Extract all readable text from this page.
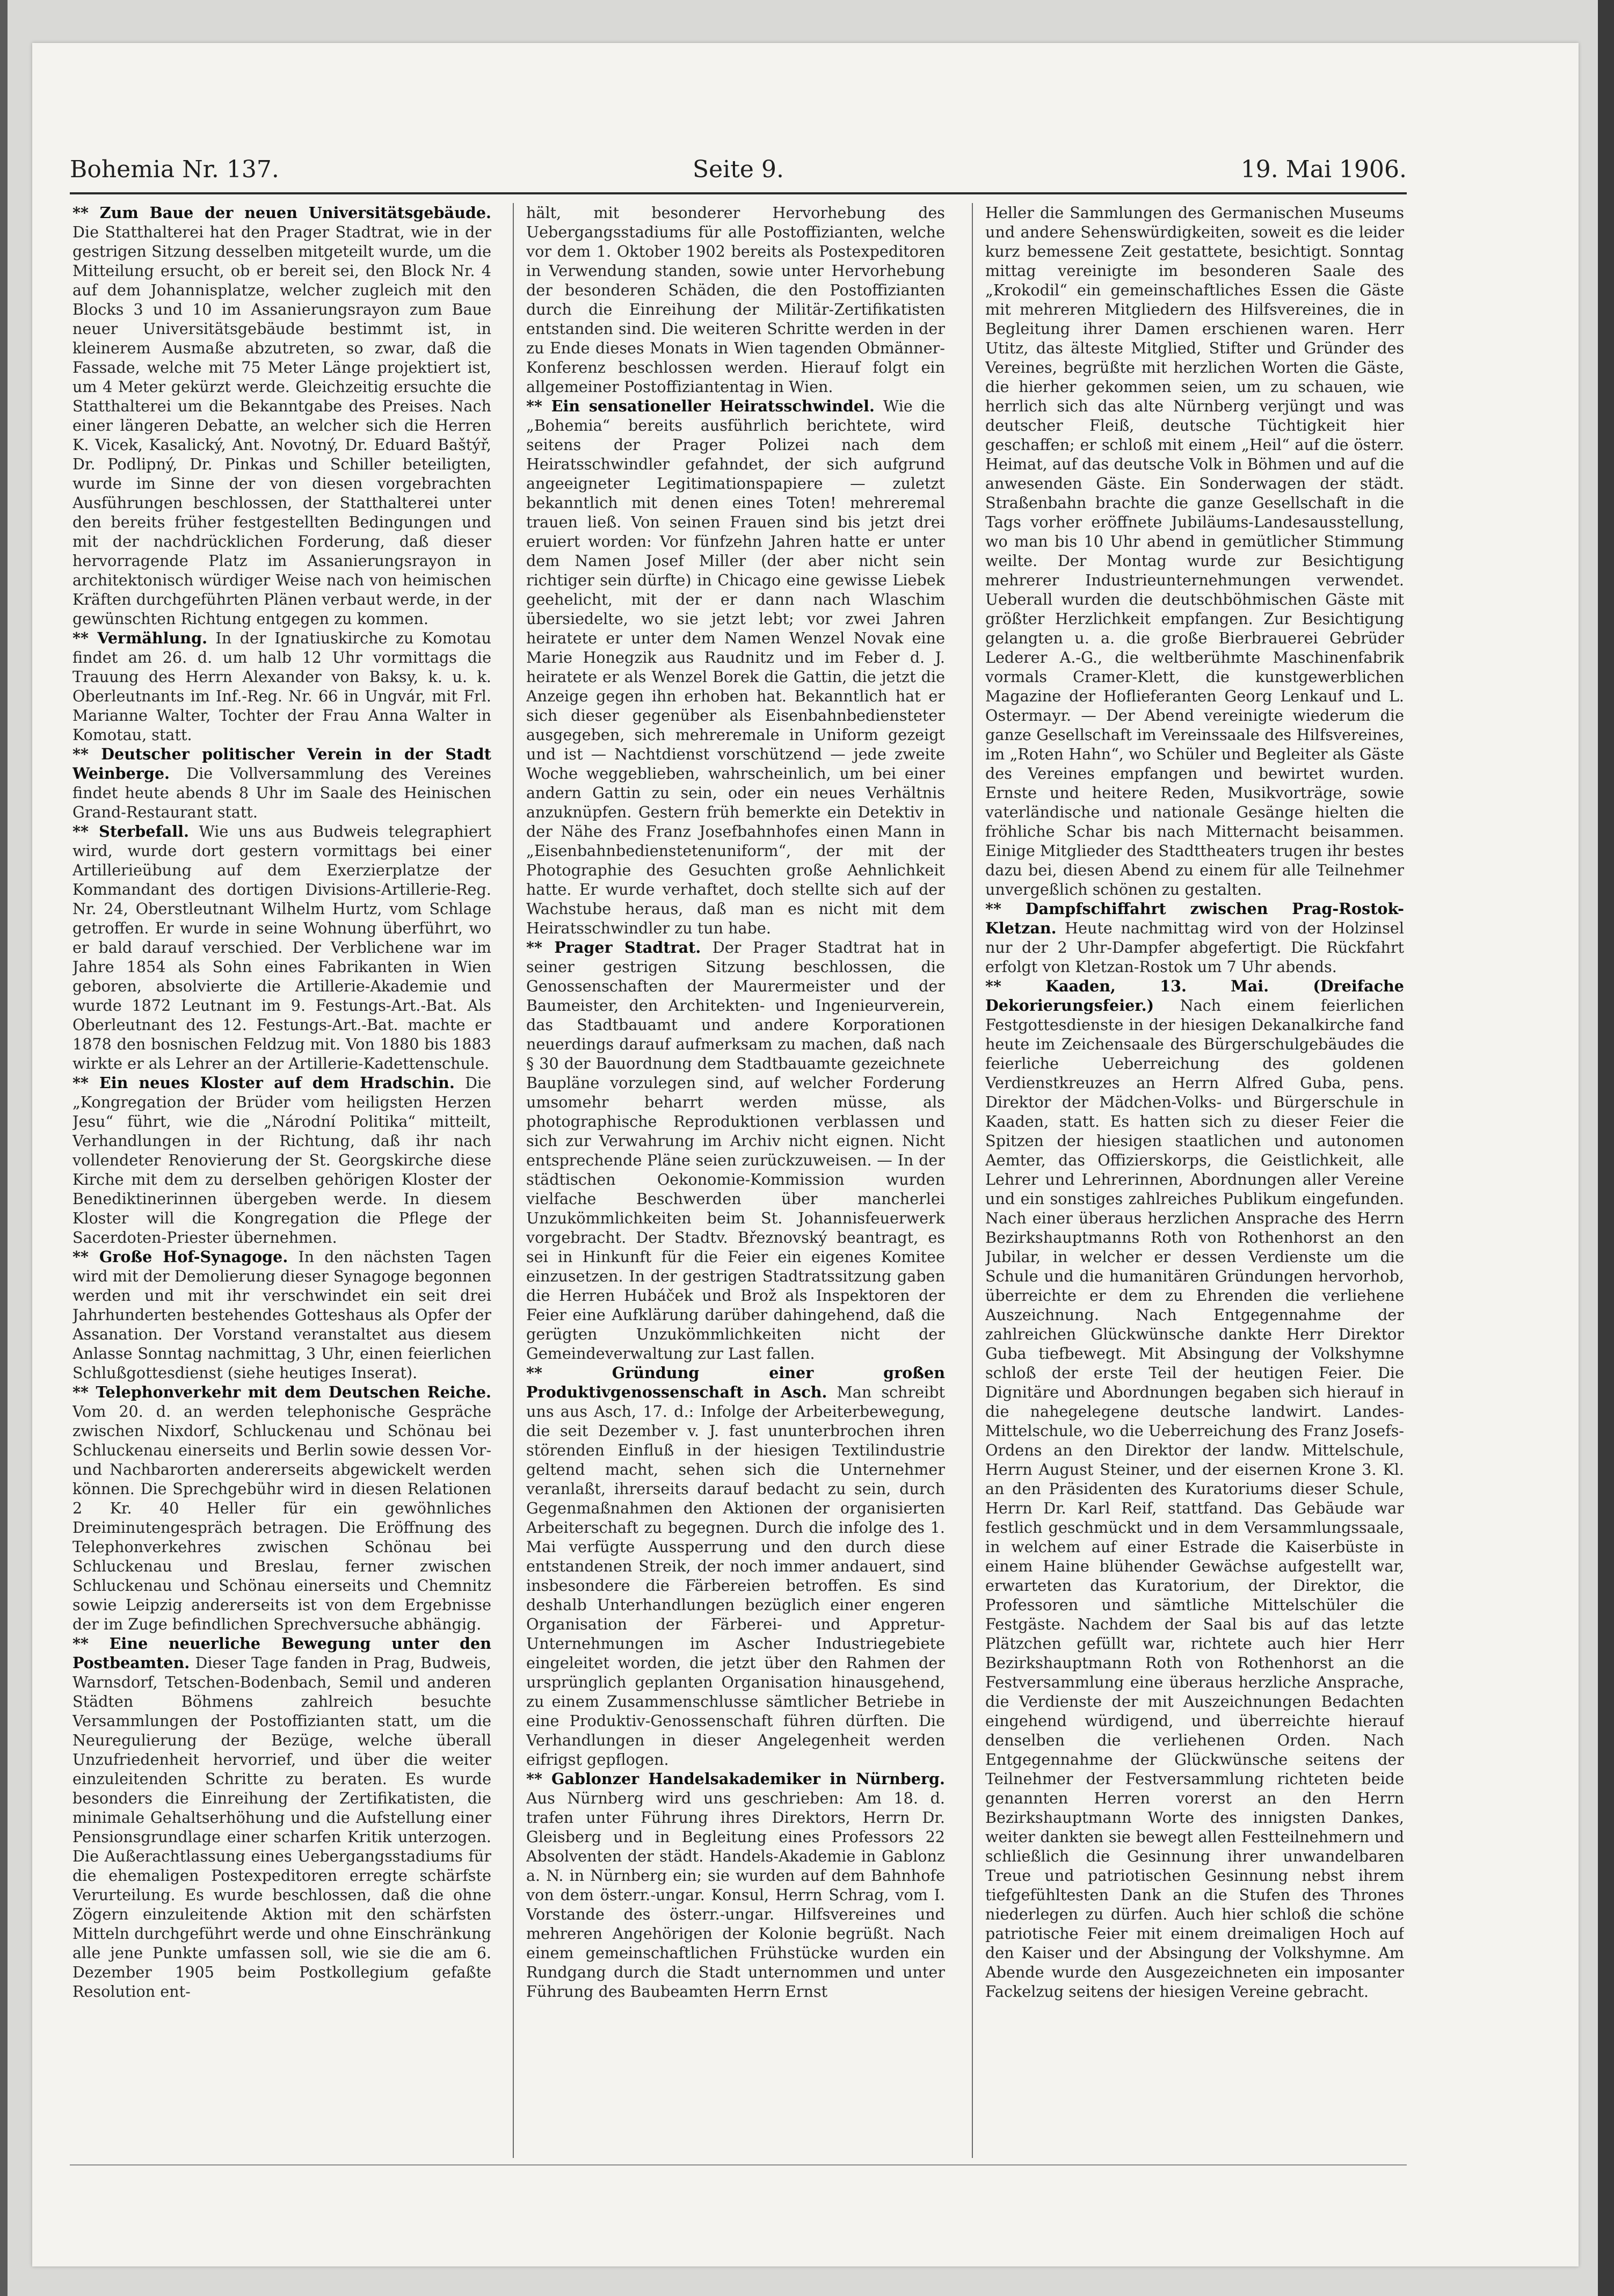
Bohemia Nr. 137.	Seite 9.	19. Mai 1906.

** Zum Baue der neuen Universitätsgebäude. Die Statthalterei hat den Prager Stadtrat, wie in der gestrigen Sitzung desselben mitgeteilt wurde, um die Mitteilung ersucht, ob er bereit sei, den Block Nr. 4 auf dem Johannisplatze, welcher zugleich mit den Blocks 3 und 10 im Assanierungsrayon zum Baue neuer Universitätsgebäude bestimmt ist, in kleinerem Ausmaße abzutreten, so zwar, daß die Fassade, welche mit 75 Meter Länge projektiert ist, um 4 Meter gekürzt werde. Gleichzeitig ersuchte die Statthalterei um die Bekanntgabe des Preises. Nach einer längeren Debatte, an welcher sich die Herren K. Vicek, Kasalický, Ant. Novotný, Dr. Eduard Baštýř, Dr. Podlipný, Dr. Pinkas und Schiller beteiligten, wurde im Sinne der von diesen vorgebrachten Ausführungen beschlossen, der Statthalterei unter den bereits früher festgestellten Bedingungen und mit der nachdrücklichen Forderung, daß dieser hervorragende Platz im Assanierungsrayon in architektonisch würdiger Weise nach von heimischen Kräften durchgeführten Plänen verbaut werde, in der gewünschten Richtung entgegen zu kommen.

** Vermählung. In der Ignatiuskirche zu Komotau findet am 26. d. um halb 12 Uhr vormittags die Trauung des Herrn Alexander von Baksy, k. u. k. Oberleutnants im Inf.-Reg. Nr. 66 in Ungvár, mit Frl. Marianne Walter, Tochter der Frau Anna Walter in Komotau, statt.

** Deutscher politischer Verein in der Stadt Weinberge. Die Vollversammlung des Vereines findet heute abends 8 Uhr im Saale des Heinischen Grand-Restaurant statt.

** Sterbefall. Wie uns aus Budweis telegraphiert wird, wurde dort gestern vormittags bei einer Artillerieübung auf dem Exerzierplatze der Kommandant des dortigen Divisions-Artillerie-Reg. Nr. 24, Oberstleutnant Wilhelm Hurtz, vom Schlage getroffen. Er wurde in seine Wohnung überführt, wo er bald darauf verschied. Der Verblichene war im Jahre 1854 als Sohn eines Fabrikanten in Wien geboren, absolvierte die Artillerie-Akademie und wurde 1872 Leutnant im 9. Festungs-Art.-Bat. Als Oberleutnant des 12. Festungs-Art.-Bat. machte er 1878 den bosnischen Feldzug mit. Von 1880 bis 1883 wirkte er als Lehrer an der Artillerie-Kadettenschule.

** Ein neues Kloster auf dem Hradschin. Die „Kongregation der Brüder vom heiligsten Herzen Jesu“ führt, wie die „Národní Politika“ mitteilt, Verhandlungen in der Richtung, daß ihr nach vollendeter Renovierung der St. Georgskirche diese Kirche mit dem zu derselben gehörigen Kloster der Benediktinerinnen übergeben werde. In diesem Kloster will die Kongregation die Pflege der Sacerdoten-Priester übernehmen.

** Große Hof-Synagoge. In den nächsten Tagen wird mit der Demolierung dieser Synagoge begonnen werden und mit ihr verschwindet ein seit drei Jahrhunderten bestehendes Gotteshaus als Opfer der Assanation. Der Vorstand veranstaltet aus diesem Anlasse Sonntag nachmittag, 3 Uhr, einen feierlichen Schlußgottesdienst (siehe heutiges Inserat).

** Telephonverkehr mit dem Deutschen Reiche. Vom 20. d. an werden telephonische Gespräche zwischen Nixdorf, Schluckenau und Schönau bei Schluckenau einerseits und Berlin sowie dessen Vor- und Nachbarorten andererseits abgewickelt werden können. Die Sprechgebühr wird in diesen Relationen 2 Kr. 40 Heller für ein gewöhnliches Dreiminutengespräch betragen. Die Eröffnung des Telephonverkehres zwischen Schönau bei Schluckenau und Breslau, ferner zwischen Schluckenau und Schönau einerseits und Chemnitz sowie Leipzig andererseits ist von dem Ergebnisse der im Zuge befindlichen Sprechversuche abhängig.

** Eine neuerliche Bewegung unter den Postbeamten. Dieser Tage fanden in Prag, Budweis, Warnsdorf, Tetschen-Bodenbach, Semil und anderen Städten Böhmens zahlreich besuchte Versammlungen der Postoffizianten statt, um die Neuregulierung der Bezüge, welche überall Unzufriedenheit hervorrief, und über die weiter einzuleitenden Schritte zu beraten. Es wurde besonders die Einreihung der Zertifikatisten, die minimale Gehaltserhöhung und die Aufstellung einer Pensionsgrundlage einer scharfen Kritik unterzogen. Die Außerachtlassung eines Uebergangsstadiums für die ehemaligen Postexpeditoren erregte schärfste Verurteilung. Es wurde beschlossen, daß die ohne Zögern einzuleitende Aktion mit den schärfsten Mitteln durchgeführt werde und ohne Einschränkung alle jene Punkte umfassen soll, wie sie die am 6. Dezember 1905 beim Postkollegium gefaßte Resolution ent-

hält, mit besonderer Hervorhebung des Uebergangsstadiums für alle Postoffizianten, welche vor dem 1. Oktober 1902 bereits als Postexpeditoren in Verwendung standen, sowie unter Hervorhebung der besonderen Schäden, die den Postoffizianten durch die Einreihung der Militär-Zertifikatisten entstanden sind. Die weiteren Schritte werden in der zu Ende dieses Monats in Wien tagenden Obmänner-Konferenz beschlossen werden. Hierauf folgt ein allgemeiner Postoffiziantentag in Wien.

** Ein sensationeller Heiratsschwindel. Wie die „Bohemia“ bereits ausführlich berichtete, wird seitens der Prager Polizei nach dem Heiratsschwindler gefahndet, der sich aufgrund angeeigneter Legitimationspapiere — zuletzt bekanntlich mit denen eines Toten! mehreremal trauen ließ. Von seinen Frauen sind bis jetzt drei eruiert worden: Vor fünfzehn Jahren hatte er unter dem Namen Josef Miller (der aber nicht sein richtiger sein dürfte) in Chicago eine gewisse Liebek geehelicht, mit der er dann nach Wlaschim übersiedelte, wo sie jetzt lebt; vor zwei Jahren heiratete er unter dem Namen Wenzel Novak eine Marie Honegzik aus Raudnitz und im Feber d. J. heiratete er als Wenzel Borek die Gattin, die jetzt die Anzeige gegen ihn erhoben hat. Bekanntlich hat er sich dieser gegenüber als Eisenbahnbediensteter ausgegeben, sich mehreremale in Uniform gezeigt und ist — Nachtdienst vorschützend — jede zweite Woche weggeblieben, wahrscheinlich, um bei einer andern Gattin zu sein, oder ein neues Verhältnis anzuknüpfen. Gestern früh bemerkte ein Detektiv in der Nähe des Franz Josefbahnhofes einen Mann in „Eisenbahnbedienstetenuniform“, der mit der Photographie des Gesuchten große Aehnlichkeit hatte. Er wurde verhaftet, doch stellte sich auf der Wachstube heraus, daß man es nicht mit dem Heiratsschwindler zu tun habe.

** Prager Stadtrat. Der Prager Stadtrat hat in seiner gestrigen Sitzung beschlossen, die Genossenschaften der Maurermeister und der Baumeister, den Architekten- und Ingenieurverein, das Stadtbauamt und andere Korporationen neuerdings darauf aufmerksam zu machen, daß nach § 30 der Bauordnung dem Stadtbauamte gezeichnete Baupläne vorzulegen sind, auf welcher Forderung umsomehr beharrt werden müsse, als photographische Reproduktionen verblassen und sich zur Verwahrung im Archiv nicht eignen. Nicht entsprechende Pläne seien zurückzuweisen. — In der städtischen Oekonomie-Kommission wurden vielfache Beschwerden über mancherlei Unzukömmlichkeiten beim St. Johannisfeuerwerk vorgebracht. Der Stadtv. Březnovský beantragt, es sei in Hinkunft für die Feier ein eigenes Komitee einzusetzen. In der gestrigen Stadtratssitzung gaben die Herren Hubáček und Brož als Inspektoren der Feier eine Aufklärung darüber dahingehend, daß die gerügten Unzukömmlichkeiten nicht der Gemeindeverwaltung zur Last fallen.

** Gründung einer großen Produktivgenossenschaft in Asch. Man schreibt uns aus Asch, 17. d.: Infolge der Arbeiterbewegung, die seit Dezember v. J. fast ununterbrochen ihren störenden Einfluß in der hiesigen Textilindustrie geltend macht, sehen sich die Unternehmer veranlaßt, ihrerseits darauf bedacht zu sein, durch Gegenmaßnahmen den Aktionen der organisierten Arbeiterschaft zu begegnen. Durch die infolge des 1. Mai verfügte Aussperrung und den durch diese entstandenen Streik, der noch immer andauert, sind insbesondere die Färbereien betroffen. Es sind deshalb Unterhandlungen bezüglich einer engeren Organisation der Färberei- und Appretur-Unternehmungen im Ascher Industriegebiete eingeleitet worden, die jetzt über den Rahmen der ursprünglich geplanten Organisation hinausgehend, zu einem Zusammenschlusse sämtlicher Betriebe in eine Produktiv-Genossenschaft führen dürften. Die Verhandlungen in dieser Angelegenheit werden eifrigst gepflogen.

** Gablonzer Handelsakademiker in Nürnberg. Aus Nürnberg wird uns geschrieben: Am 18. d. trafen unter Führung ihres Direktors, Herrn Dr. Gleisberg und in Begleitung eines Professors 22 Absolventen der städt. Handels-Akademie in Gablonz a. N. in Nürnberg ein; sie wurden auf dem Bahnhofe von dem österr.-ungar. Konsul, Herrn Schrag, vom I. Vorstande des österr.-ungar. Hilfsvereines und mehreren Angehörigen der Kolonie begrüßt. Nach einem gemeinschaftlichen Frühstücke wurden ein Rundgang durch die Stadt unternommen und unter Führung des Baubeamten Herrn Ernst

Heller die Sammlungen des Germanischen Museums und andere Sehenswürdigkeiten, soweit es die leider kurz bemessene Zeit gestattete, besichtigt. Sonntag mittag vereinigte im besonderen Saale des „Krokodil“ ein gemeinschaftliches Essen die Gäste mit mehreren Mitgliedern des Hilfsvereines, die in Begleitung ihrer Damen erschienen waren. Herr Utitz, das älteste Mitglied, Stifter und Gründer des Vereines, begrüßte mit herzlichen Worten die Gäste, die hierher gekommen seien, um zu schauen, wie herrlich sich das alte Nürnberg verjüngt und was deutscher Fleiß, deutsche Tüchtigkeit hier geschaffen; er schloß mit einem „Heil“ auf die österr. Heimat, auf das deutsche Volk in Böhmen und auf die anwesenden Gäste. Ein Sonderwagen der städt. Straßenbahn brachte die ganze Gesellschaft in die Tags vorher eröffnete Jubiläums-Landesausstellung, wo man bis 10 Uhr abend in gemütlicher Stimmung weilte. Der Montag wurde zur Besichtigung mehrerer Industrieunternehmungen verwendet. Ueberall wurden die deutschböhmischen Gäste mit größter Herzlichkeit empfangen. Zur Besichtigung gelangten u. a. die große Bierbrauerei Gebrüder Lederer A.-G., die weltberühmte Maschinenfabrik vormals Cramer-Klett, die kunstgewerblichen Magazine der Hoflieferanten Georg Lenkauf und L. Ostermayr. — Der Abend vereinigte wiederum die ganze Gesellschaft im Vereinssaale des Hilfsvereines, im „Roten Hahn“, wo Schüler und Begleiter als Gäste des Vereines empfangen und bewirtet wurden. Ernste und heitere Reden, Musikvorträge, sowie vaterländische und nationale Gesänge hielten die fröhliche Schar bis nach Mitternacht beisammen. Einige Mitglieder des Stadttheaters trugen ihr bestes dazu bei, diesen Abend zu einem für alle Teilnehmer unvergeßlich schönen zu gestalten.

** Dampfschiffahrt zwischen Prag-Rostok-Kletzan. Heute nachmittag wird von der Holzinsel nur der 2 Uhr-Dampfer abgefertigt. Die Rückfahrt erfolgt von Kletzan-Rostok um 7 Uhr abends.

** Kaaden, 13. Mai. (Dreifache Dekorierungsfeier.) Nach einem feierlichen Festgottesdienste in der hiesigen Dekanalkirche fand heute im Zeichensaale des Bürgerschulgebäudes die feierliche Ueberreichung des goldenen Verdienstkreuzes an Herrn Alfred Guba, pens. Direktor der Mädchen-Volks- und Bürgerschule in Kaaden, statt. Es hatten sich zu dieser Feier die Spitzen der hiesigen staatlichen und autonomen Aemter, das Offizierskorps, die Geistlichkeit, alle Lehrer und Lehrerinnen, Abordnungen aller Vereine und ein sonstiges zahlreiches Publikum eingefunden. Nach einer überaus herzlichen Ansprache des Herrn Bezirkshauptmanns Roth von Rothenhorst an den Jubilar, in welcher er dessen Verdienste um die Schule und die humanitären Gründungen hervorhob, überreichte er dem zu Ehrenden die verliehene Auszeichnung. Nach Entgegennahme der zahlreichen Glückwünsche dankte Herr Direktor Guba tiefbewegt. Mit Absingung der Volkshymne schloß der erste Teil der heutigen Feier. Die Dignitäre und Abordnungen begaben sich hierauf in die nahegelegene deutsche landwirt. Landes-Mittelschule, wo die Ueberreichung des Franz Josefs-Ordens an den Direktor der landw. Mittelschule, Herrn August Steiner, und der eisernen Krone 3. Kl. an den Präsidenten des Kuratoriums dieser Schule, Herrn Dr. Karl Reif, stattfand. Das Gebäude war festlich geschmückt und in dem Versammlungssaale, in welchem auf einer Estrade die Kaiserbüste in einem Haine blühender Gewächse aufgestellt war, erwarteten das Kuratorium, der Direktor, die Professoren und sämtliche Mittelschüler die Festgäste. Nachdem der Saal bis auf das letzte Plätzchen gefüllt war, richtete auch hier Herr Bezirkshauptmann Roth von Rothenhorst an die Festversammlung eine überaus herzliche Ansprache, die Verdienste der mit Auszeichnungen Bedachten eingehend würdigend, und überreichte hierauf denselben die verliehenen Orden. Nach Entgegennahme der Glückwünsche seitens der Teilnehmer der Festversammlung richteten beide genannten Herren vorerst an den Herrn Bezirkshauptmann Worte des innigsten Dankes, weiter dankten sie bewegt allen Festteilnehmern und schließlich die Gesinnung ihrer unwandelbaren Treue und patriotischen Gesinnung nebst ihrem tiefgefühltesten Dank an die Stufen des Thrones niederlegen zu dürfen. Auch hier schloß die schöne patriotische Feier mit einem dreimaligen Hoch auf den Kaiser und der Absingung der Volkshymne. Am Abende wurde den Ausgezeichneten ein imposanter Fackelzug seitens der hiesigen Vereine gebracht.
